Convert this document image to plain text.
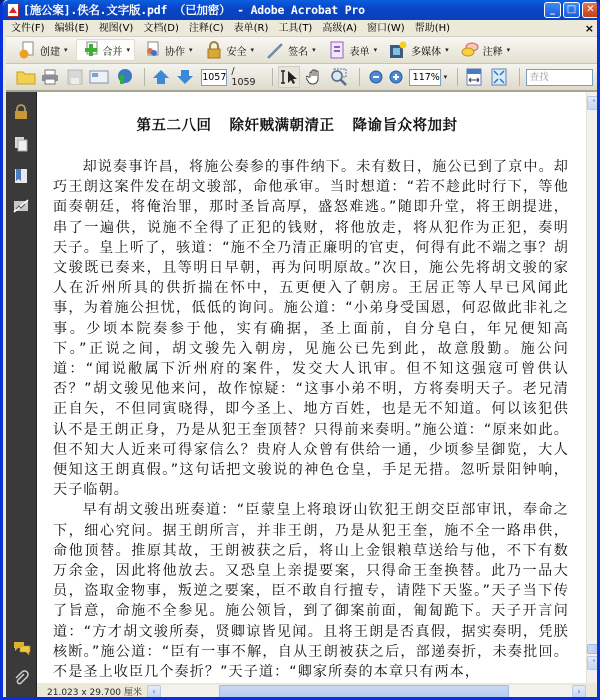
[施公案].佚名.文字版.pdf （已加密） - Adobe Acrobat Pro	_	□	✕
文件(F)	编辑(E)	视图(V)	文档(D)	注释(C)	表单(R)	工具(T)	高级(A)	窗口(W)	帮助(H)	×
创建 ▾	合并 ▾	协作 ▾	安全 ▾	签名 ▾	表单 ▾	多媒体 ▾	注释 ▾
1057 / 1059	117% ▾	查找	▾
第五二八回 除奸贼满朝清正 降谕旨众将加封

却说奏事许昌，将施公奏参的事件纳下。未有数日，施公已到了京中。却巧王朗这案件发在胡文骏部，命他承审。当时想道：“若不趁此时行下，等他面奏朝廷，将俺治罪，那时圣旨高厚，盛怒难逃。”随即升堂，将王朗提进，串了一遍供，说施不全得了正犯的钱财，将他放走，将从犯作为正犯，奏明天子。皇上听了，骇道：“施不全乃清正廉明的官吏，何得有此不端之事？胡文骏既已奏来，且等明日早朝，再为问明原故。”次日，施公先将胡文骏的家人在沂州所具的供折揣在怀中，五更便入了朝房。王居正等人早已风闻此事，为着施公担忧，低低的询问。施公道：“小弟身受国恩，何忍做此非礼之事。少顷本院奏参于他，实有确据，圣上面前，自分皂白，年兄便知高下。”正说之间，胡文骏先入朝房，见施公已先到此，故意殷勤。施公问道：“闻说敝属下沂州府的案件，发交大人讯审。但不知这强寇可曾供认否？”胡文骏见他来问，故作惊疑：“这事小弟不明，方将奏明天子。老兄清正自矢，不但同寅晓得，即今圣上、地方百姓，也是无不知道。何以该犯供认不是王朗正身，乃是从犯王奎顶替？只得前来奏明。”施公道：“原来如此。但不知大人近来可得家信么？贵府人众曾有供给一通，少顷参呈御览，大人便知这王朗真假。”这句话把文骏说的神色仓皇，手足无措。忽听景阳钟响，天子临朝。

早有胡文骏出班奏道：“臣蒙皇上将琅讶山钦犯王朗交臣部审讯，奉命之下，细心究问。据王朗所言，并非王朗，乃是从犯王奎，施不全一路串供，命他顶替。推原其故，王朗被获之后，将山上金银粮草送给与他，不下有数万余金，因此将他放去。又恐皇上亲提要案，只得命王奎换替。此乃一品大员，盗取金物事，叛逆之要案，臣不敢自行擅专，请陛下天鉴。”天子当下传了旨意，命施不全参见。施公领旨，到了御案前面，匍匐跪下。天子开言问道：“方才胡文骏所奏，贤卿谅皆见闻。且将王朗是否真假，据实奏明，凭朕核断。”施公道：“臣有一事不解，自从王朗被获之后，部递奏折，未奏批回。不是圣上收臣几个奏折？”天子道：“卿家所奏的本章只有两本，

˄
˅
21.023 x 29.700 厘米	‹	›
